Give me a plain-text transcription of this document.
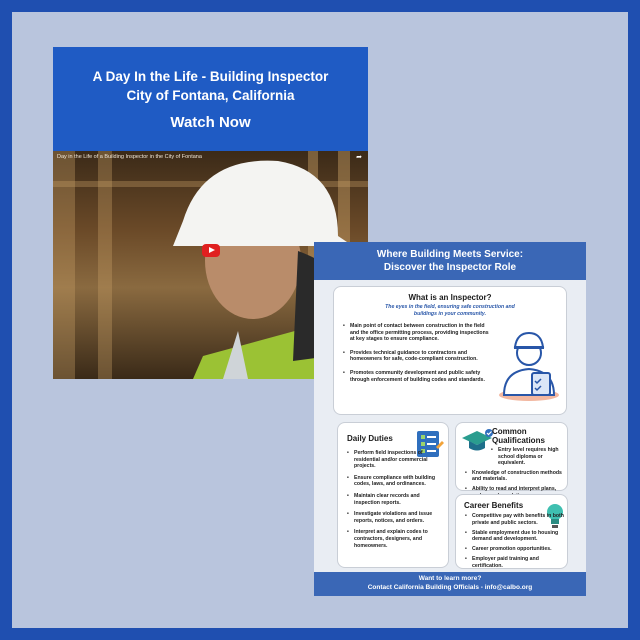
A Day In the Life - Building Inspector
City of Fontana, California
Watch Now
Day in the Life of a Building Inspector in the City of Fontana	➦
Where Building Meets Service:
Discover the Inspector Role
What is an Inspector?
The eyes in the field, ensuring safe construction and
buildings in your community.
• Main point of contact between construction in the field and the office permitting process, providing inspections at key stages to ensure compliance.
• Provides technical guidance to contractors and homeowners for safe, code-compliant construction.
• Promotes community development and public safety through enforcement of building codes and standards.
Daily Duties
• Perform field inspections of residential and/or commercial projects.
• Ensure compliance with building codes, laws, and ordinances.
• Maintain clear records and inspection reports.
• Investigate violations and issue reports, notices, and orders.
• Interpret and explain codes to contractors, designers, and homeowners.
Common
Qualifications
• Entry level requires high school diploma or equivalent.
• Knowledge of construction methods and materials.
• Ability to read and interpret plans,
Career Benefits
• Competitive pay with benefits in both private and public sectors.
• Stable employment due to housing demand and development.
• Career promotion opportunities.
• Employer paid training and certification.
Want to learn more?
Contact California Building Officials - info@calbo.org
